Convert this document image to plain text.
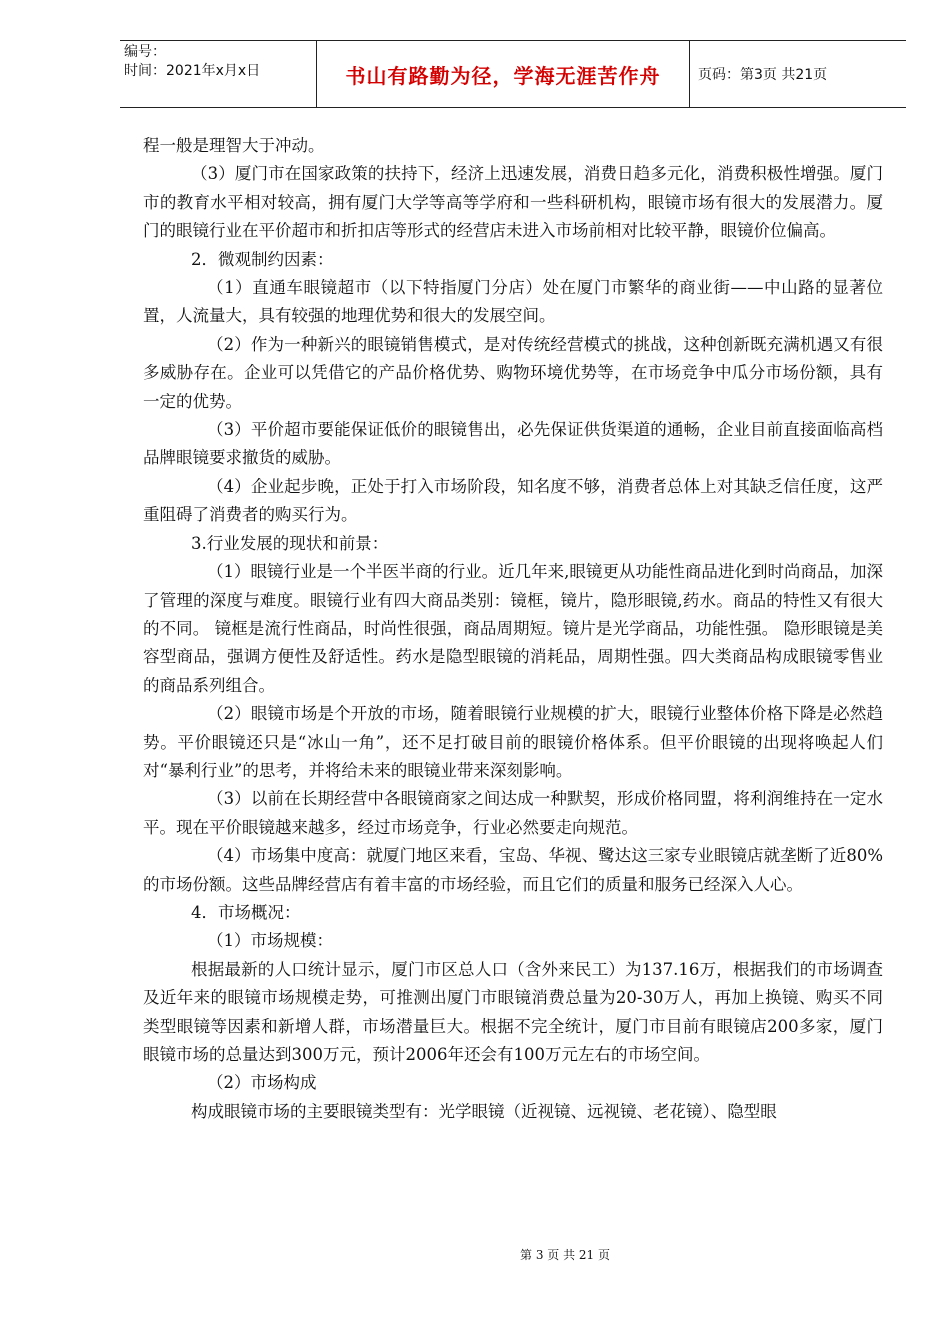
编号：
时间：2021年x月x日	书山有路勤为径，学海无涯苦作舟	页码：第3页 共21页

程一般是理智大于冲动。

（3）厦门市在国家政策的扶持下，经济上迅速发展，消费日趋多元化，消费积极性增强。厦门市的教育水平相对较高，拥有厦门大学等高等学府和一些科研机构，眼镜市场有很大的发展潜力。厦门的眼镜行业在平价超市和折扣店等形式的经营店未进入市场前相对比较平静，眼镜价位偏高。

2．微观制约因素：

（1）直通车眼镜超市（以下特指厦门分店）处在厦门市繁华的商业街——中山路的显著位置，人流量大，具有较强的地理优势和很大的发展空间。

（2）作为一种新兴的眼镜销售模式，是对传统经营模式的挑战，这种创新既充满机遇又有很多威胁存在。企业可以凭借它的产品价格优势、购物环境优势等，在市场竞争中瓜分市场份额，具有一定的优势。

（3）平价超市要能保证低价的眼镜售出，必先保证供货渠道的通畅，企业目前直接面临高档品牌眼镜要求撤货的威胁。

（4）企业起步晚，正处于打入市场阶段，知名度不够，消费者总体上对其缺乏信任度，这严重阻碍了消费者的购买行为。

3.行业发展的现状和前景：

（1）眼镜行业是一个半医半商的行业。近几年来,眼镜更从功能性商品进化到时尚商品，加深了管理的深度与难度。眼镜行业有四大商品类别：镜框，镜片，隐形眼镜,药水。商品的特性又有很大的不同。 镜框是流行性商品，时尚性很强，商品周期短。镜片是光学商品，功能性强。 隐形眼镜是美容型商品，强调方便性及舒适性。药水是隐型眼镜的消耗品，周期性强。四大类商品构成眼镜零售业的商品系列组合。

（2）眼镜市场是个开放的市场，随着眼镜行业规模的扩大，眼镜行业整体价格下降是必然趋势。平价眼镜还只是“冰山一角”，还不足打破目前的眼镜价格体系。但平价眼镜的出现将唤起人们对“暴利行业”的思考，并将给未来的眼镜业带来深刻影响。

（3）以前在长期经营中各眼镜商家之间达成一种默契，形成价格同盟，将利润维持在一定水平。现在平价眼镜越来越多，经过市场竞争，行业必然要走向规范。

（4）市场集中度高：就厦门地区来看，宝岛、华视、鹭达这三家专业眼镜店就垄断了近80%的市场份额。这些品牌经营店有着丰富的市场经验，而且它们的质量和服务已经深入人心。

4．市场概况：

（1）市场规模：

根据最新的人口统计显示，厦门市区总人口（含外来民工）为137.16万，根据我们的市场调查及近年来的眼镜市场规模走势，可推测出厦门市眼镜消费总量为20-30万人，再加上换镜、购买不同类型眼镜等因素和新增人群，市场潜量巨大。根据不完全统计，厦门市目前有眼镜店200多家，厦门眼镜市场的总量达到300万元，预计2006年还会有100万元左右的市场空间。

（2）市场构成

构成眼镜市场的主要眼镜类型有：光学眼镜（近视镜、远视镜、老花镜）、隐型眼

第 3 页 共 21 页
